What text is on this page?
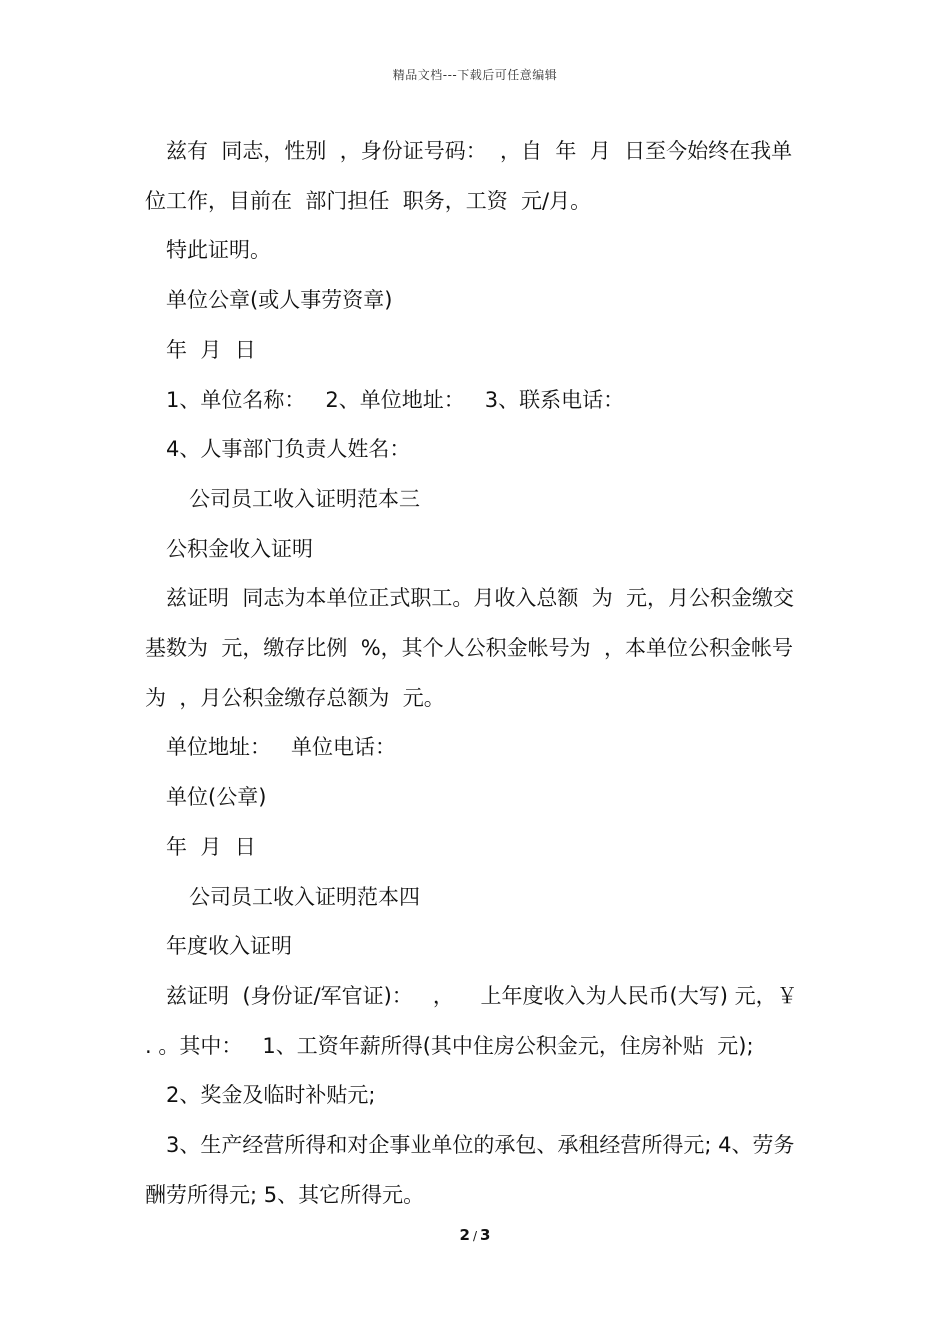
精品文档---下载后可任意编辑

兹有  同志，性别  ，身份证号码：  ，自  年  月  日至今始终在我单位工作，目前在  部门担任  职务，工资  元/月。

特此证明。

单位公章(或人事劳资章)

年  月  日

1、单位名称：   2、单位地址：   3、联系电话：

4、人事部门负责人姓名：

公司员工收入证明范本三

公积金收入证明

兹证明  同志为本单位正式职工。月收入总额  为  元，月公积金缴交基数为  元，缴存比例  %，其个人公积金帐号为  ，本单位公积金帐号为  ，月公积金缴存总额为  元。

单位地址：   单位电话：

单位(公章)

年  月  日

公司员工收入证明范本四

年度收入证明

兹证明  (身份证/军官证)：   ，    上年度收入为人民币(大写) 元，￥ . 。其中：   1、工资年薪所得(其中住房公积金元，住房补贴  元);

2、奖金及临时补贴元;

3、生产经营所得和对企事业单位的承包、承租经营所得元; 4、劳务酬劳所得元; 5、其它所得元。

2 / 3
